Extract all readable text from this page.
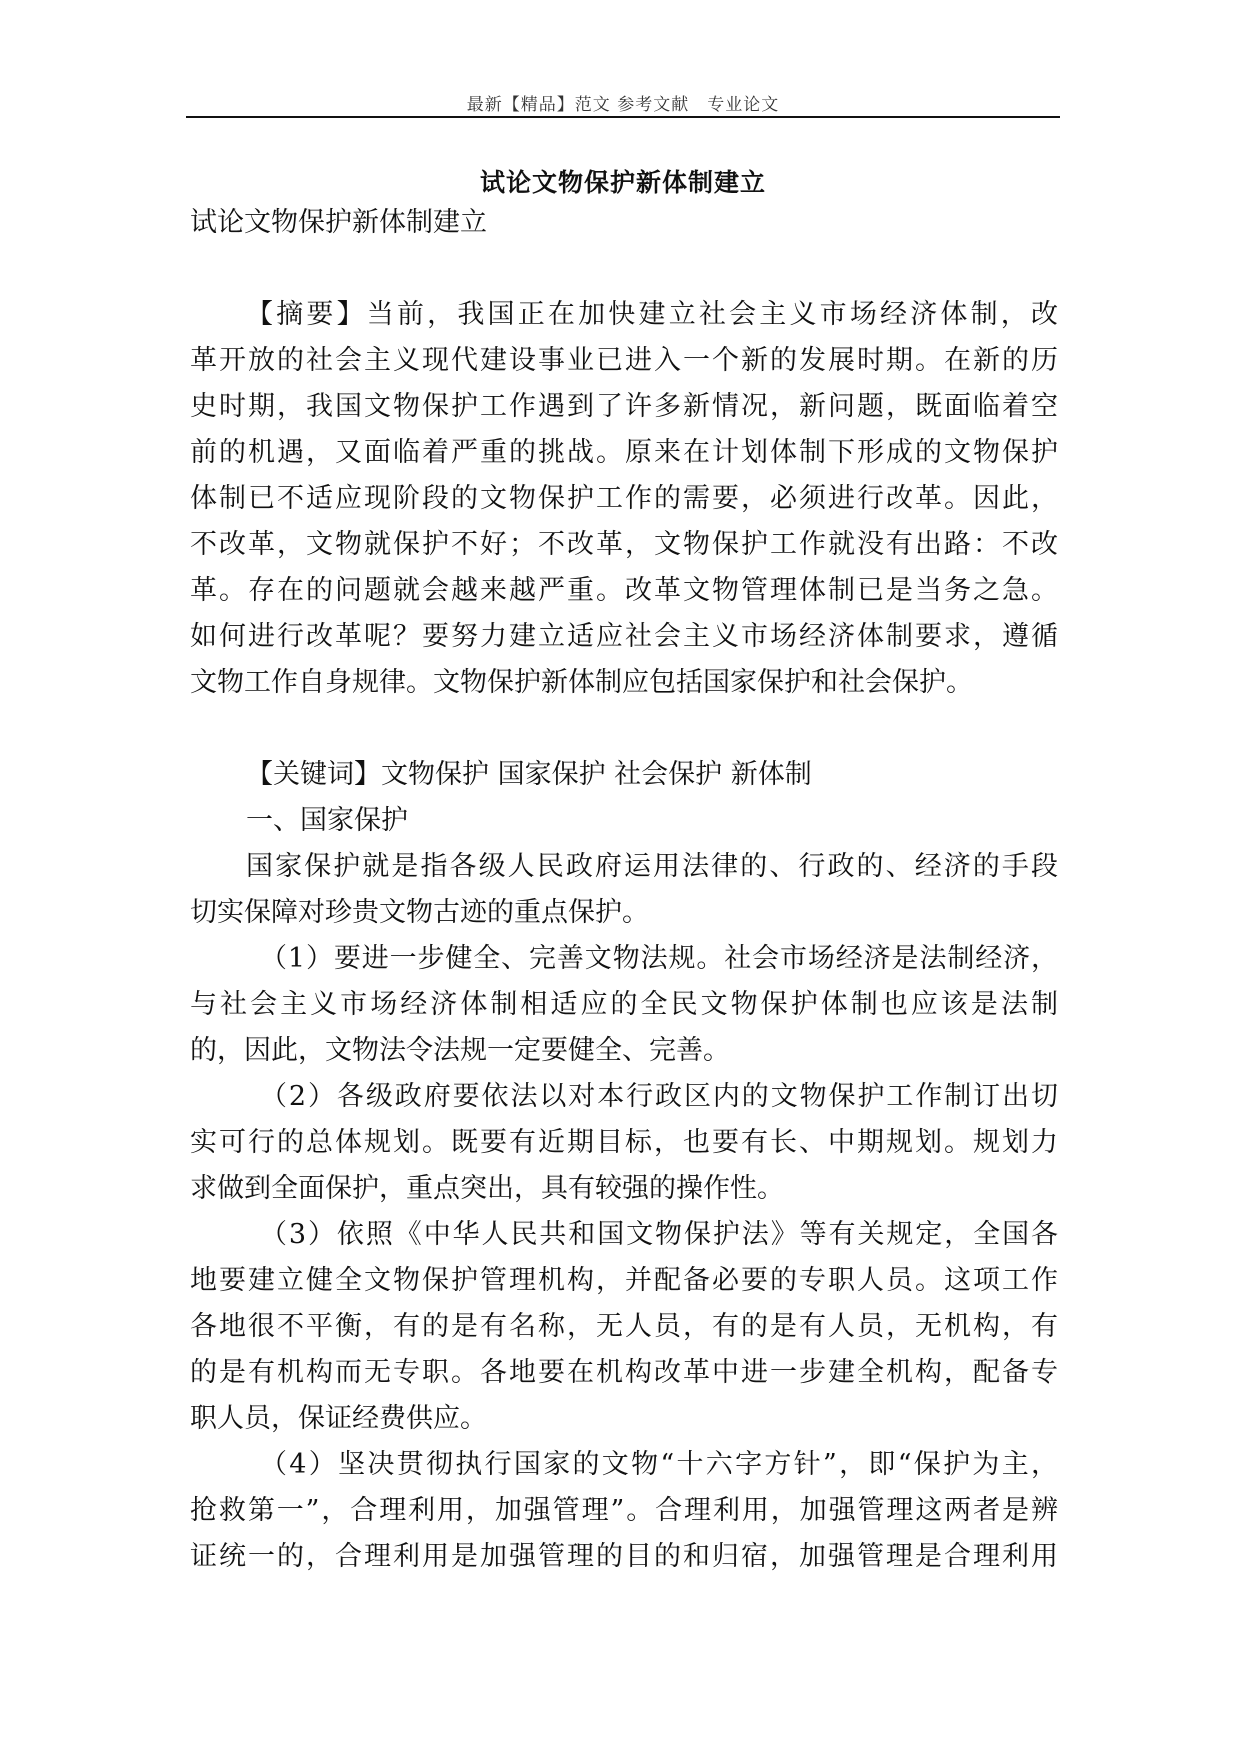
最新【精品】范文 参考文献　专业论文
试论文物保护新体制建立
试论文物保护新体制建立
【摘要】当前，我国正在加快建立社会主义市场经济体制，改
革开放的社会主义现代建设事业已进入一个新的发展时期。在新的历
史时期，我国文物保护工作遇到了许多新情况，新问题，既面临着空
前的机遇，又面临着严重的挑战。原来在计划体制下形成的文物保护
体制已不适应现阶段的文物保护工作的需要，必须进行改革。因此，
不改革，文物就保护不好；不改革，文物保护工作就没有出路：不改
革。存在的问题就会越来越严重。改革文物管理体制已是当务之急。
如何进行改革呢？要努力建立适应社会主义市场经济体制要求，遵循
文物工作自身规律。文物保护新体制应包括国家保护和社会保护。
【关键词】文物保护 国家保护 社会保护 新体制
一、国家保护
国家保护就是指各级人民政府运用法律的、行政的、经济的手段
切实保障对珍贵文物古迹的重点保护。
（1）要进一步健全、完善文物法规。社会市场经济是法制经济，
与社会主义市场经济体制相适应的全民文物保护体制也应该是法制
的，因此，文物法令法规一定要健全、完善。
（2）各级政府要依法以对本行政区内的文物保护工作制订出切
实可行的总体规划。既要有近期目标，也要有长、中期规划。规划力
求做到全面保护，重点突出，具有较强的操作性。
（3）依照《中华人民共和国文物保护法》等有关规定，全国各
地要建立健全文物保护管理机构，并配备必要的专职人员。这项工作
各地很不平衡，有的是有名称，无人员，有的是有人员，无机构，有
的是有机构而无专职。各地要在机构改革中进一步建全机构，配备专
职人员，保证经费供应。
（4）坚决贯彻执行国家的文物“十六字方针”，即“保护为主，
抢救第一”，合理利用，加强管理”。合理利用，加强管理这两者是辨
证统一的，合理利用是加强管理的目的和归宿，加强管理是合理利用
